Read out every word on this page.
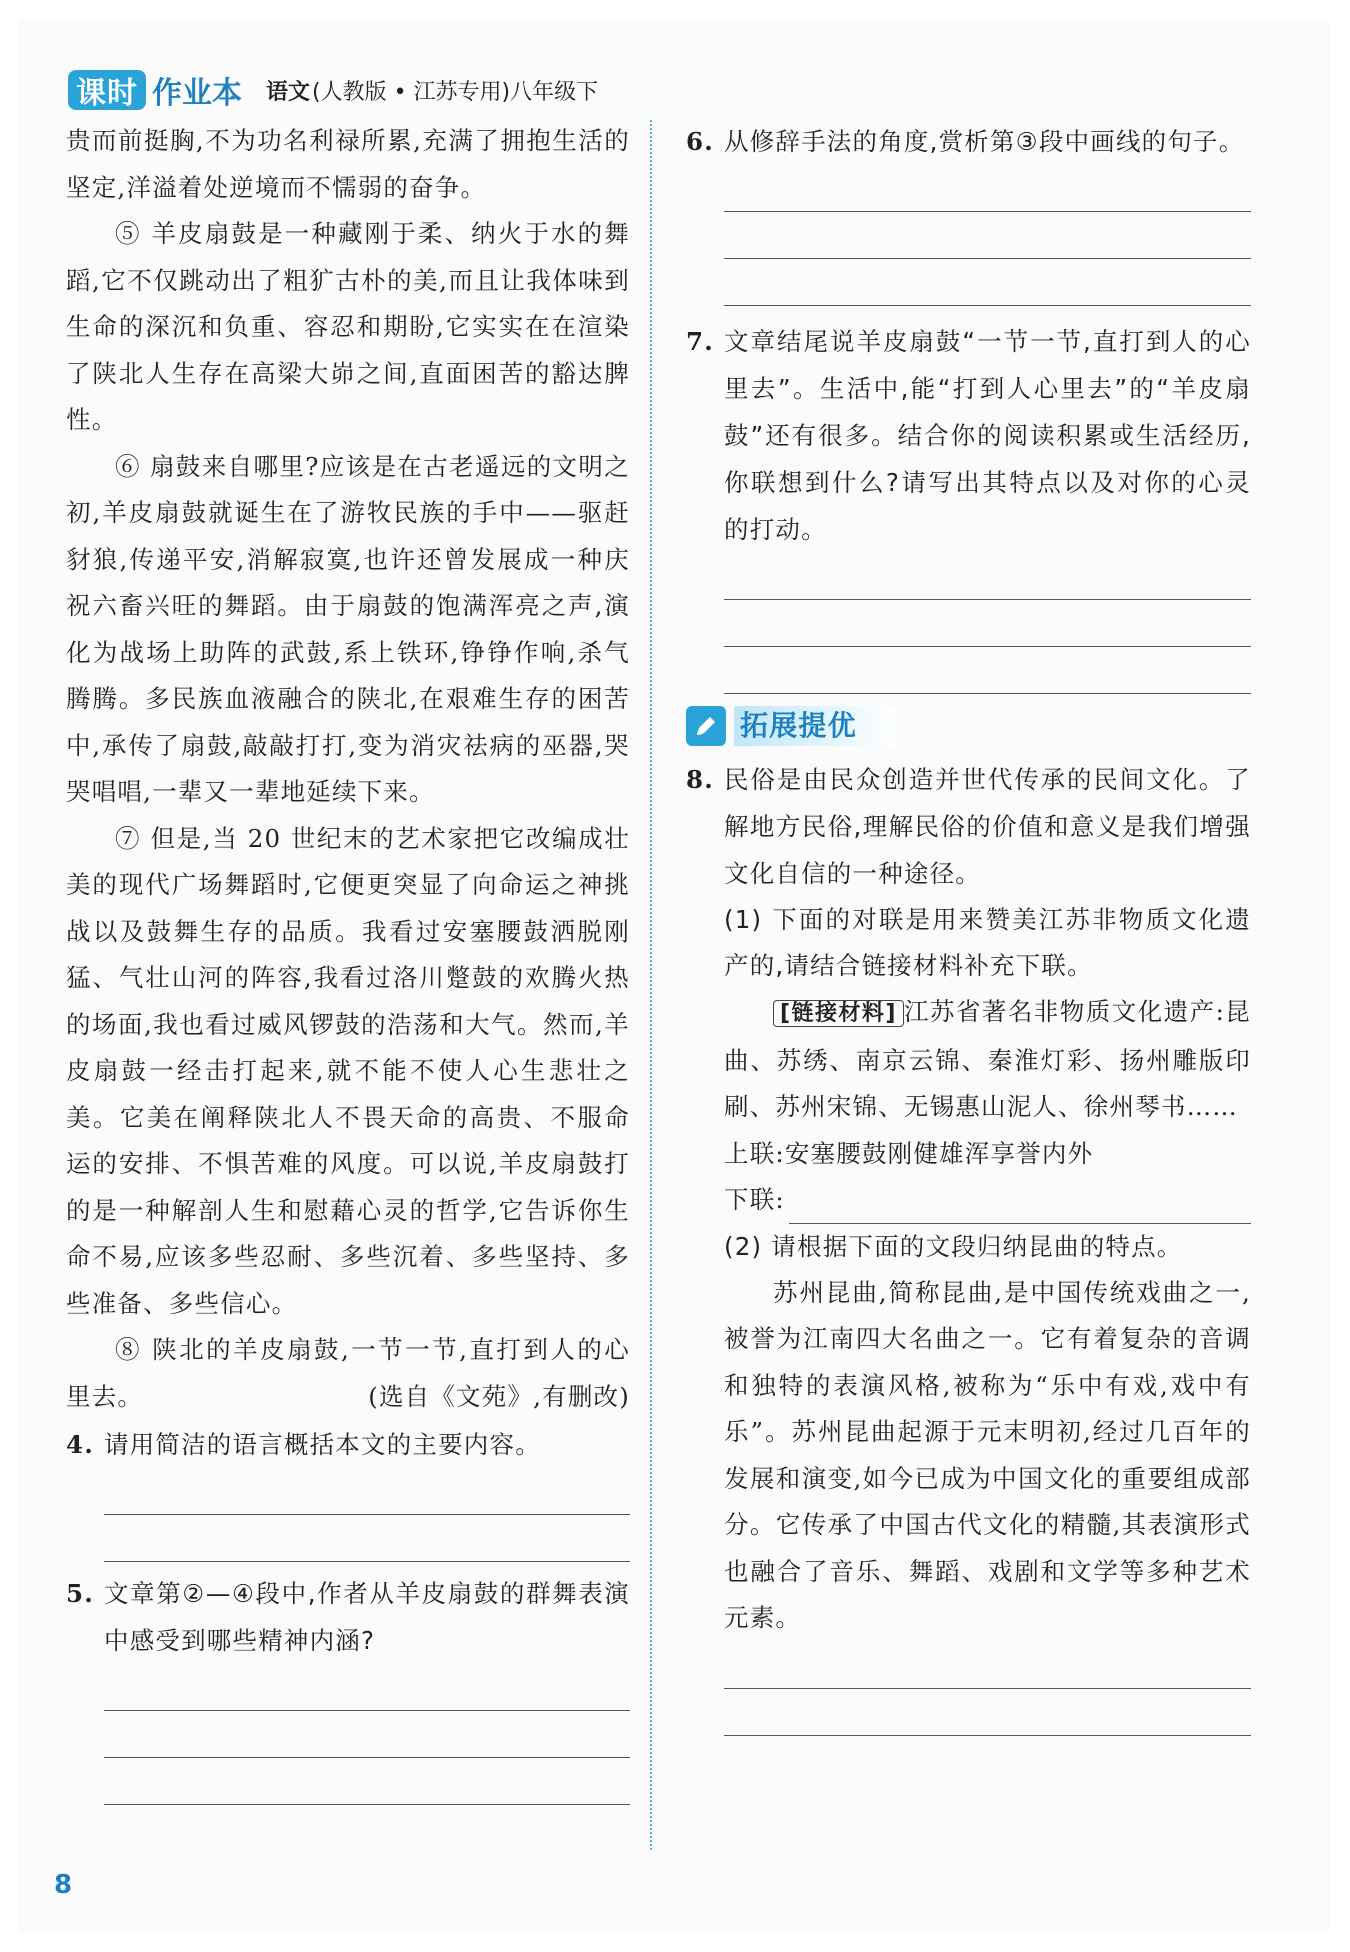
课时 作业本 语文(人教版 • 江苏专用)八年级下

贵而前挺胸,不为功名利禄所累,充满了拥抱生活的坚定,洋溢着处逆境而不懦弱的奋争。

⑤ 羊皮扇鼓是一种藏刚于柔、纳火于水的舞蹈,它不仅跳动出了粗犷古朴的美,而且让我体味到生命的深沉和负重、容忍和期盼,它实实在在渲染了陕北人生存在高梁大峁之间,直面困苦的豁达脾性。

⑥ 扇鼓来自哪里?应该是在古老遥远的文明之初,羊皮扇鼓就诞生在了游牧民族的手中——驱赶豺狼,传递平安,消解寂寞,也许还曾发展成一种庆祝六畜兴旺的舞蹈。由于扇鼓的饱满浑亮之声,演化为战场上助阵的武鼓,系上铁环,铮铮作响,杀气腾腾。多民族血液融合的陕北,在艰难生存的困苦中,承传了扇鼓,敲敲打打,变为消灾祛病的巫器,哭哭唱唱,一辈又一辈地延续下来。

⑦ 但是,当 20 世纪末的艺术家把它改编成壮美的现代广场舞蹈时,它便更突显了向命运之神挑战以及鼓舞生存的品质。我看过安塞腰鼓洒脱刚猛、气壮山河的阵容,我看过洛川蹩鼓的欢腾火热的场面,我也看过威风锣鼓的浩荡和大气。然而,羊皮扇鼓一经击打起来,就不能不使人心生悲壮之美。它美在阐释陕北人不畏天命的高贵、不服命运的安排、不惧苦难的风度。可以说,羊皮扇鼓打的是一种解剖人生和慰藉心灵的哲学,它告诉你生命不易,应该多些忍耐、多些沉着、多些坚持、多些准备、多些信心。

⑧ 陕北的羊皮扇鼓,一节一节,直打到人的心里去。	(选自《文苑》,有删改)

4. 请用简洁的语言概括本文的主要内容。
5. 文章第②—④段中,作者从羊皮扇鼓的群舞表演中感受到哪些精神内涵?
6. 从修辞手法的角度,赏析第③段中画线的句子。
7. 文章结尾说羊皮扇鼓“一节一节,直打到人的心里去”。生活中,能“打到人心里去”的“羊皮扇鼓”还有很多。结合你的阅读积累或生活经历,你联想到什么?请写出其特点以及对你的心灵的打动。
拓展提优
8. 民俗是由民众创造并世代传承的民间文化。了解地方民俗,理解民俗的价值和意义是我们增强文化自信的一种途径。
(1) 下面的对联是用来赞美江苏非物质文化遗产的,请结合链接材料补充下联。

[链接材料] 江苏省著名非物质文化遗产:昆曲、苏绣、南京云锦、秦淮灯彩、扬州雕版印刷、苏州宋锦、无锡惠山泥人、徐州琴书……

上联:安塞腰鼓刚健雄浑享誉内外

下联:
(2) 请根据下面的文段归纳昆曲的特点。

苏州昆曲,简称昆曲,是中国传统戏曲之一,被誉为江南四大名曲之一。它有着复杂的音调和独特的表演风格,被称为“乐中有戏,戏中有乐”。苏州昆曲起源于元末明初,经过几百年的发展和演变,如今已成为中国文化的重要组成部分。它传承了中国古代文化的精髓,其表演形式也融合了音乐、舞蹈、戏剧和文学等多种艺术元素。

8
